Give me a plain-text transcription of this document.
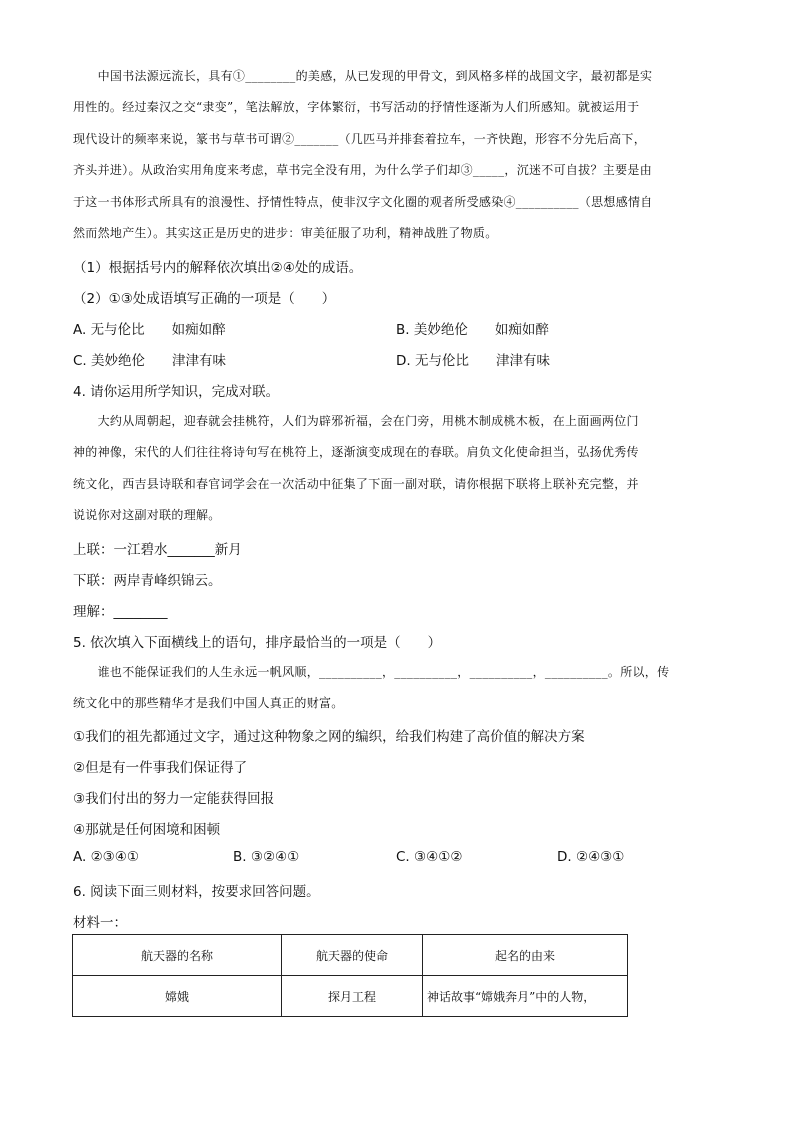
　　中国书法源远流长，具有①________的美感，从已发现的甲骨文，到风格多样的战国文字，最初都是实
用性的。经过秦汉之交“隶变”，笔法解放，字体繁衍，书写活动的抒情性逐渐为人们所感知。就被运用于
现代设计的频率来说，篆书与草书可谓②_______（几匹马并排套着拉车，一齐快跑，形容不分先后高下，
齐头并进）。从政治实用角度来考虑，草书完全没有用，为什么学子们却③_____，沉迷不可自拔？主要是由
于这一书体形式所具有的浪漫性、抒情性特点，使非汉字文化圈的观者所受感染④__________（思想感情自
然而然地产生）。其实这正是历史的进步：审美征服了功利，精神战胜了物质。
（1）根据括号内的解释依次填出②④处的成语。
（2）①③处成语填写正确的一项是（　　）
A. 无与伦比　　如痴如醉	B. 美妙绝伦　　如痴如醉
C. 美妙绝伦　　津津有味	D. 无与伦比　　津津有味
4. 请你运用所学知识，完成对联。
　　大约从周朝起，迎春就会挂桃符，人们为辟邪祈福，会在门旁，用桃木制成桃木板，在上面画两位门
神的神像，宋代的人们往往将诗句写在桃符上，逐渐演变成现在的春联。肩负文化使命担当，弘扬优秀传
统文化，西吉县诗联和春官词学会在一次活动中征集了下面一副对联，请你根据下联将上联补充完整，并
说说你对这副对联的理解。
上联：一江碧水_______新月
下联：两岸青峰织锦云。
理解：________
5. 依次填入下面横线上的语句，排序最恰当的一项是（　　）
　　谁也不能保证我们的人生永远一帆风顺，__________，__________，__________，__________。所以，传
统文化中的那些精华才是我们中国人真正的财富。
①我们的祖先都通过文字，通过这种物象之网的编织，给我们构建了高价值的解决方案
②但是有一件事我们保证得了
③我们付出的努力一定能获得回报
④那就是任何困境和困顿
A. ②③④①	B. ③②④①	C. ③④①②	D. ②④③①
6. 阅读下面三则材料，按要求回答问题。
材料一：
航天器的名称	航天器的使命	起名的由来
嫦娥	探月工程	神话故事“嫦娥奔月”中的人物，
